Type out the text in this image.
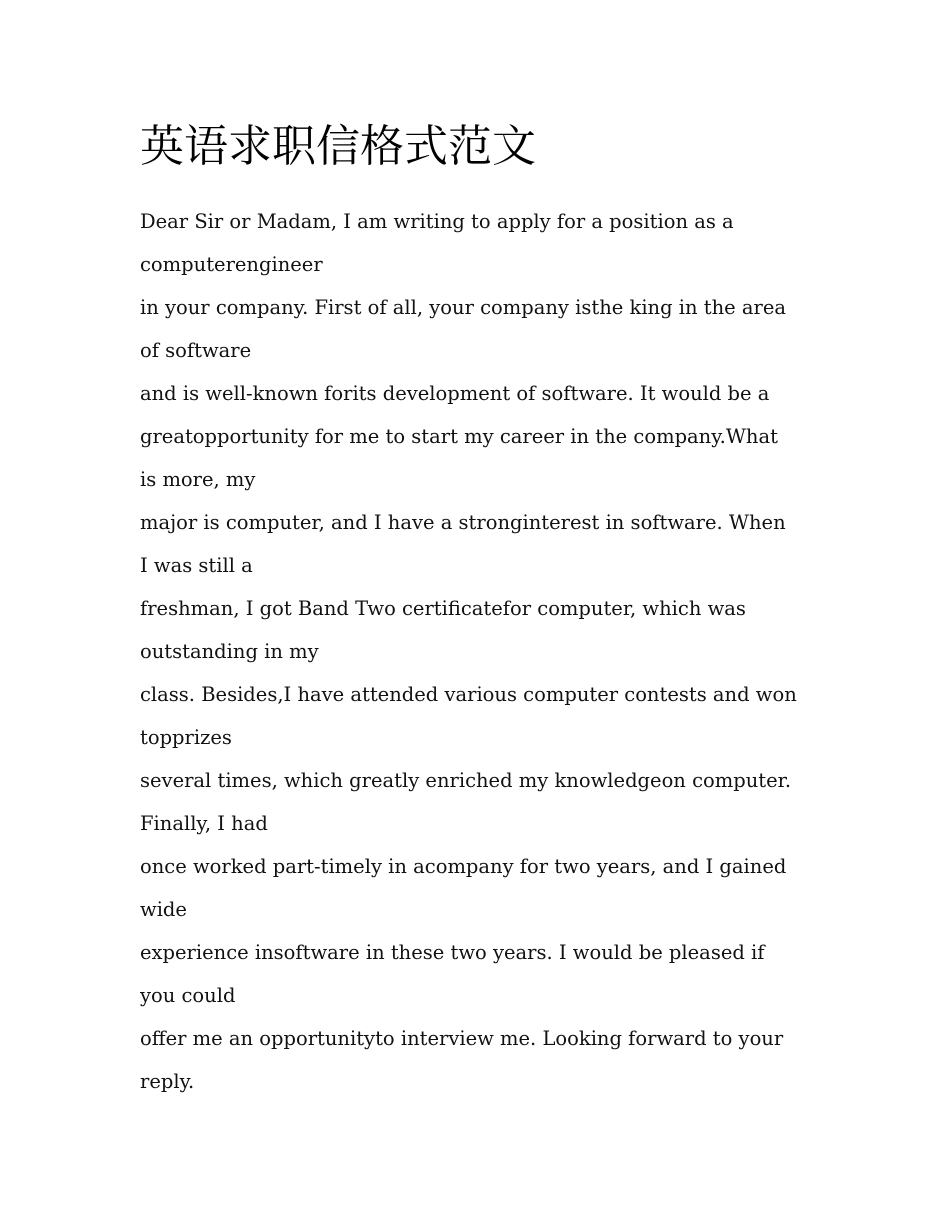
英语求职信格式范文
Dear Sir or Madam, I am writing to apply for a position as a
computerengineer
in your company. First of all, your company isthe king in the area
of software
and is well-known forits development of software. It would be a
greatopportunity for me to start my career in the company.What
is more, my
major is computer, and I have a stronginterest in software. When
I was still a
freshman, I got Band Two certificatefor computer, which was
outstanding in my
class. Besides,I have attended various computer contests and won
topprizes
several times, which greatly enriched my knowledgeon computer.
Finally, I had
once worked part-timely in acompany for two years, and I gained
wide
experience insoftware in these two years. I would be pleased if
you could
offer me an opportunityto interview me. Looking forward to your
reply.
